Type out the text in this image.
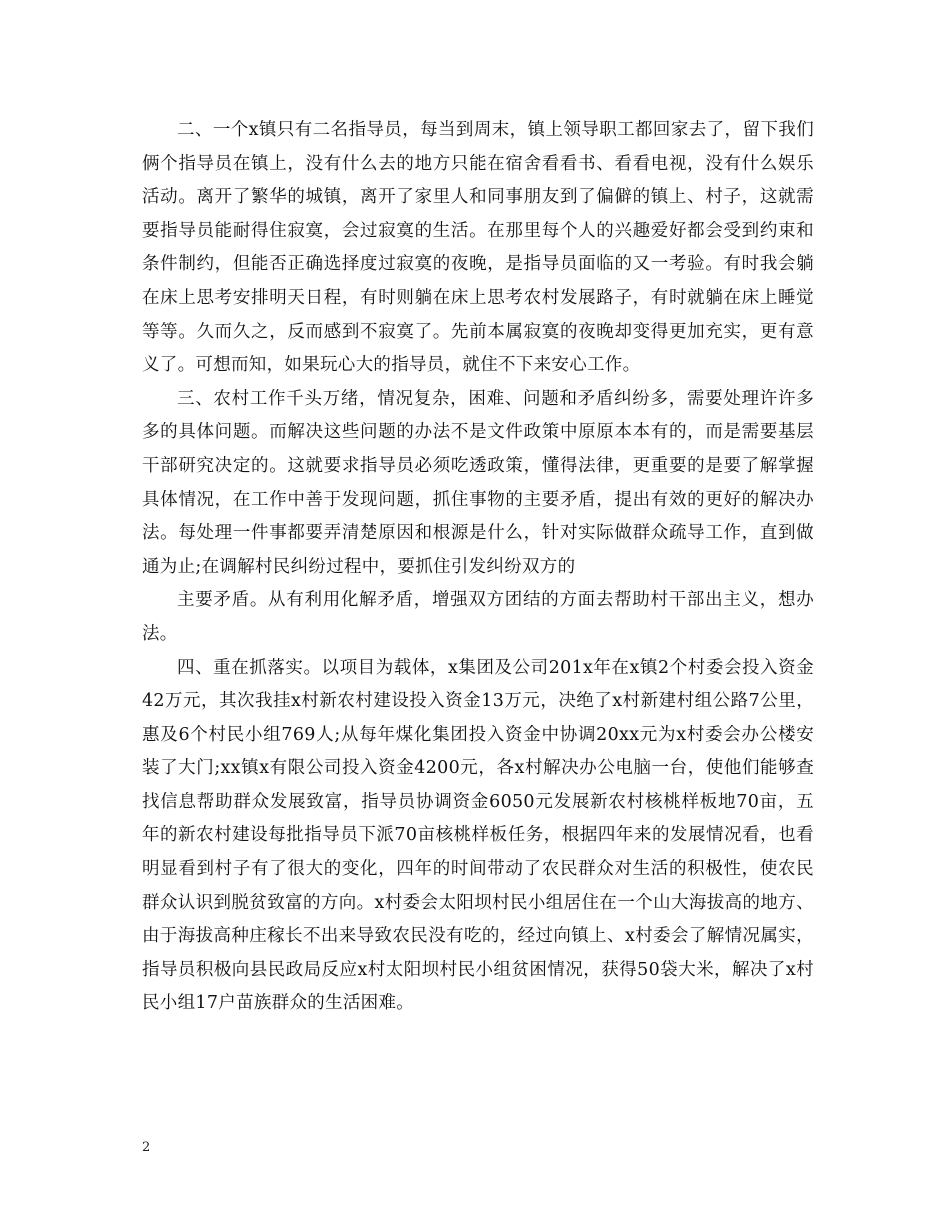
二、一个x镇只有二名指导员，每当到周末，镇上领导职工都回家去了，留下我们俩个指导员在镇上，没有什么去的地方只能在宿舍看看书、看看电视，没有什么娱乐活动。离开了繁华的城镇，离开了家里人和同事朋友到了偏僻的镇上、村子，这就需要指导员能耐得住寂寞，会过寂寞的生活。在那里每个人的兴趣爱好都会受到约束和条件制约，但能否正确选择度过寂寞的夜晚，是指导员面临的又一考验。有时我会躺在床上思考安排明天日程，有时则躺在床上思考农村发展路子，有时就躺在床上睡觉等等。久而久之，反而感到不寂寞了。先前本属寂寞的夜晚却变得更加充实，更有意义了。可想而知，如果玩心大的指导员，就住不下来安心工作。

三、农村工作千头万绪，情况复杂，困难、问题和矛盾纠纷多，需要处理许许多多的具体问题。而解决这些问题的办法不是文件政策中原原本本有的，而是需要基层干部研究决定的。这就要求指导员必须吃透政策，懂得法律，更重要的是要了解掌握具体情况，在工作中善于发现问题，抓住事物的主要矛盾，提出有效的更好的解决办法。每处理一件事都要弄清楚原因和根源是什么，针对实际做群众疏导工作，直到做通为止;在调解村民纠纷过程中，要抓住引发纠纷双方的

主要矛盾。从有利用化解矛盾，增强双方团结的方面去帮助村干部出主义，想办法。

四、重在抓落实。以项目为载体，x集团及公司201x年在x镇2个村委会投入资金42万元，其次我挂x村新农村建设投入资金13万元，决绝了x村新建村组公路7公里，惠及6个村民小组769人;从每年煤化集团投入资金中协调20xx元为x村委会办公楼安装了大门;xx镇x有限公司投入资金4200元，各x村解决办公电脑一台，使他们能够查找信息帮助群众发展致富，指导员协调资金6050元发展新农村核桃样板地70亩，五年的新农村建设每批指导员下派70亩核桃样板任务，根据四年来的发展情况看，也看明显看到村子有了很大的变化，四年的时间带动了农民群众对生活的积极性，使农民群众认识到脱贫致富的方向。x村委会太阳坝村民小组居住在一个山大海拔高的地方、由于海拔高种庄稼长不出来导致农民没有吃的，经过向镇上、x村委会了解情况属实，指导员积极向县民政局反应x村太阳坝村民小组贫困情况，获得50袋大米，解决了x村民小组17户苗族群众的生活困难。

2
